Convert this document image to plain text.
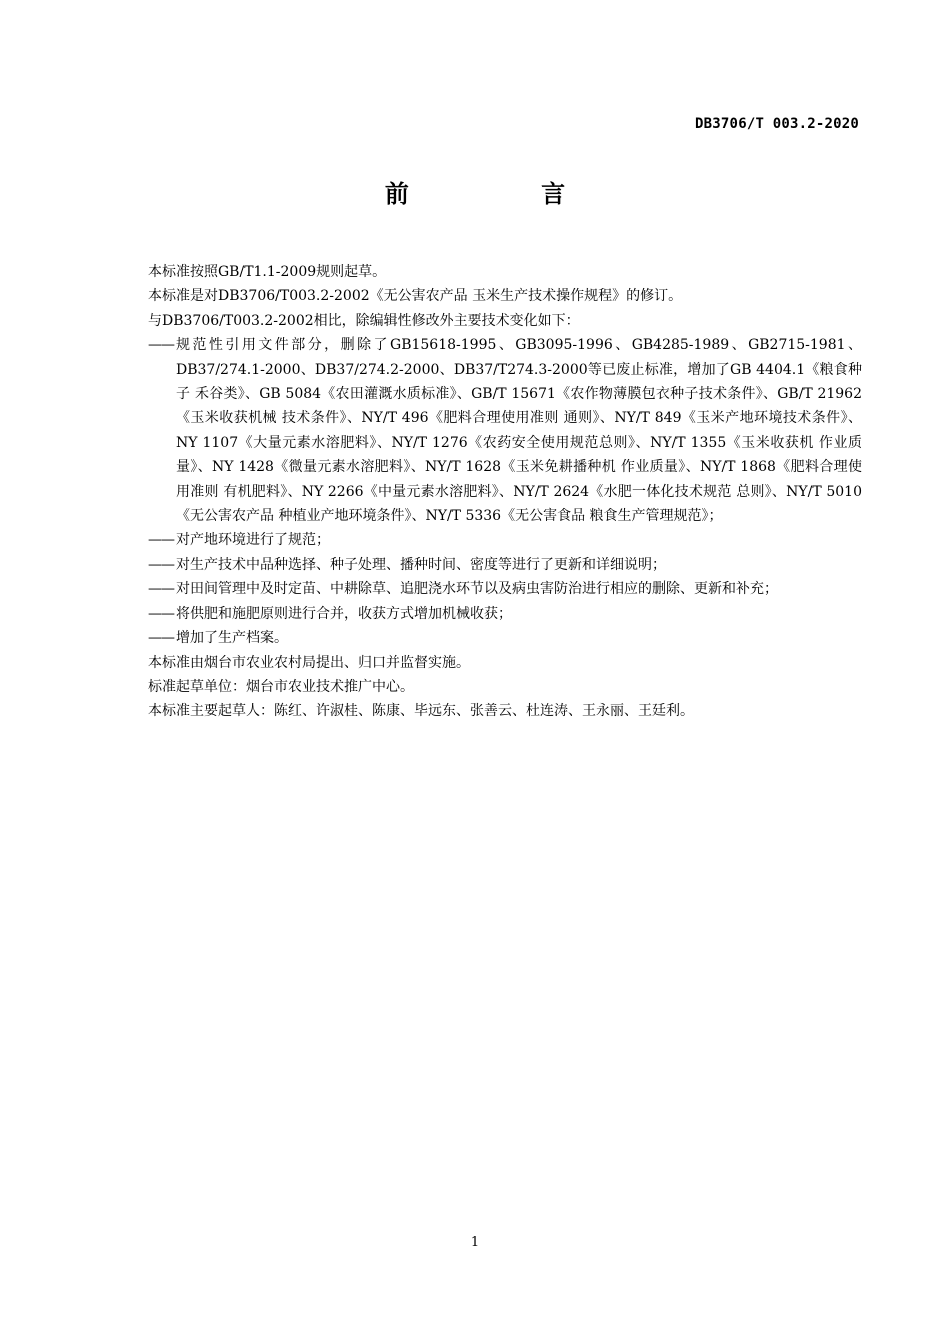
DB3706/T 003.2-2020
前 言

本标准按照GB/T1.1-2009规则起草。

本标准是对DB3706/T003.2-2002《无公害农产品 玉米生产技术操作规程》的修订。

与DB3706/T003.2-2002相比，除编辑性修改外主要技术变化如下：

—— 规范性引用文件部分，删除了GB15618-1995、GB3095-1996、GB4285-1989、GB2715-1981、DB37/274.1-2000、DB37/274.2-2000、DB37/T274.3-2000等已废止标准，增加了GB 4404.1《粮食种子 禾谷类》、GB 5084《农田灌溉水质标准》、GB/T 15671《农作物薄膜包衣种子技术条件》、GB/T 21962《玉米收获机械 技术条件》、NY/T 496《肥料合理使用准则 通则》、NY/T 849《玉米产地环境技术条件》、NY 1107《大量元素水溶肥料》、NY/T 1276《农药安全使用规范总则》、NY/T 1355《玉米收获机 作业质量》、NY 1428《微量元素水溶肥料》、NY/T 1628《玉米免耕播种机 作业质量》、NY/T 1868《肥料合理使用准则 有机肥料》、NY 2266《中量元素水溶肥料》、NY/T 2624《水肥一体化技术规范 总则》、NY/T 5010《无公害农产品 种植业产地环境条件》、NY/T 5336《无公害食品 粮食生产管理规范》；
—— 对产地环境进行了规范；
—— 对生产技术中品种选择、种子处理、播种时间、密度等进行了更新和详细说明；
—— 对田间管理中及时定苗、中耕除草、追肥浇水环节以及病虫害防治进行相应的删除、更新和补充；
—— 将供肥和施肥原则进行合并，收获方式增加机械收获；
—— 增加了生产档案。

本标准由烟台市农业农村局提出、归口并监督实施。

标准起草单位：烟台市农业技术推广中心。

本标准主要起草人：陈红、许淑桂、陈康、毕远东、张善云、杜连涛、王永丽、王廷利。

1
